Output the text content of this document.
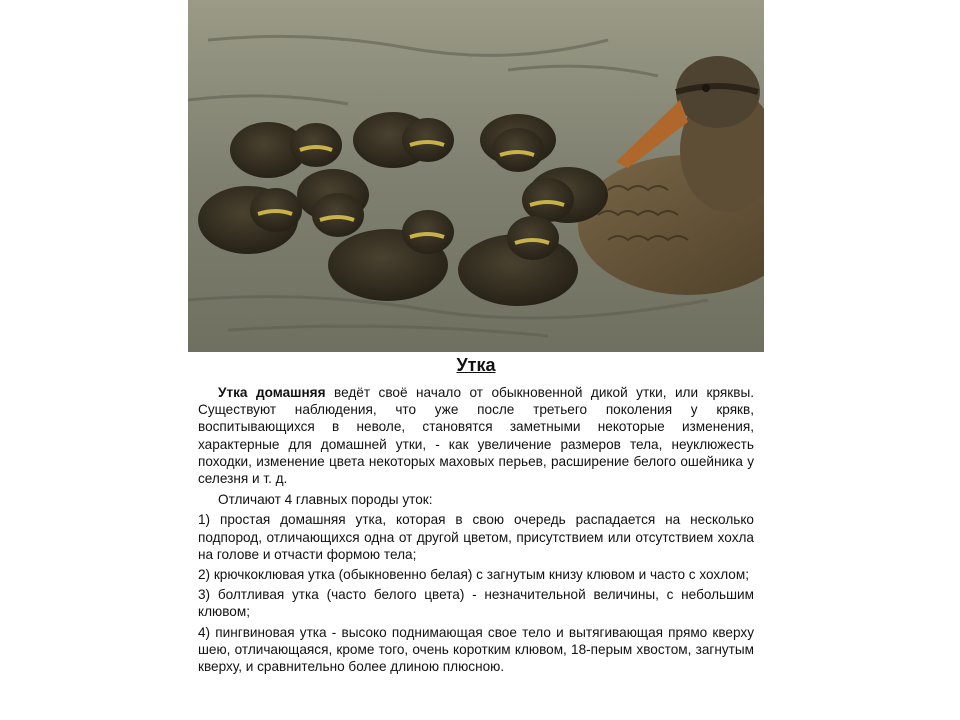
Утка

Утка домашняя ведёт своё начало от обыкновенной дикой утки, или кряквы. Существуют наблюдения, что уже после третьего поколения у крякв, воспитывающихся в неволе, становятся заметными некоторые изменения, характерные для домашней утки, - как увеличение размеров тела, неуклюжесть походки, изменение цвета некоторых маховых перьев, расширение белого ошейника у селезня и т. д.

Отличают 4 главных породы уток:

1) простая домашняя утка, которая в свою очередь распадается на несколько подпород, отличающихся одна от другой цветом, присутствием или отсутствием хохла на голове и отчасти формою тела;

2) крючкоклювая утка (обыкновенно белая) с загнутым книзу клювом и часто с хохлом;

3) болтливая утка (часто белого цвета) - незначительной величины, с небольшим клювом;

4) пингвиновая утка - высоко поднимающая свое тело и вытягивающая прямо кверху шею, отличающаяся, кроме того, очень коротким клювом, 18-перым хвостом, загнутым кверху, и сравнительно более длиною плюсною.
